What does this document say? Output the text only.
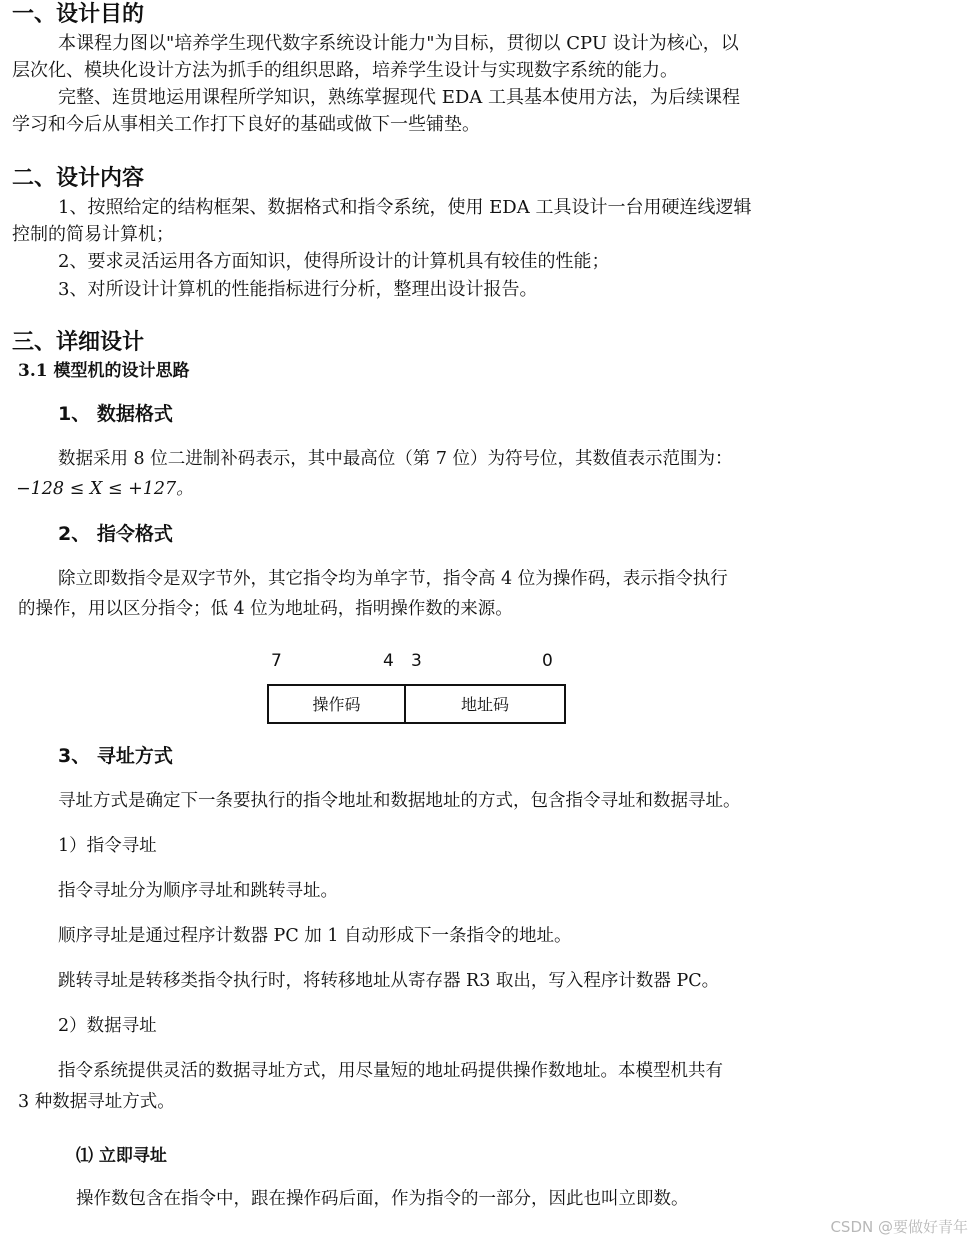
一、设计目的
本课程力图以"培养学生现代数字系统设计能力"为目标，贯彻以 CPU 设计为核心，以
层次化、模块化设计方法为抓手的组织思路，培养学生设计与实现数字系统的能力。
完整、连贯地运用课程所学知识，熟练掌握现代 EDA 工具基本使用方法，为后续课程
学习和今后从事相关工作打下良好的基础或做下一些铺垫。
二、设计内容
1、按照给定的结构框架、数据格式和指令系统，使用 EDA 工具设计一台用硬连线逻辑
控制的简易计算机；
2、要求灵活运用各方面知识，使得所设计的计算机具有较佳的性能；
3、对所设计计算机的性能指标进行分析，整理出设计报告。
三、详细设计
3.1 模型机的设计思路
1、 数据格式
数据采用 8 位二进制补码表示，其中最高位（第 7 位）为符号位，其数值表示范围为：
−128 ≤ X ≤ +127。
2、 指令格式
除立即数指令是双字节外，其它指令均为单字节，指令高 4 位为操作码，表示指令执行
的操作，用以区分指令；低 4 位为地址码，指明操作数的来源。
7	4 3	0
操作码	地址码
3、 寻址方式
寻址方式是确定下一条要执行的指令地址和数据地址的方式，包含指令寻址和数据寻址。
1）指令寻址
指令寻址分为顺序寻址和跳转寻址。
顺序寻址是通过程序计数器 PC 加 1 自动形成下一条指令的地址。
跳转寻址是转移类指令执行时，将转移地址从寄存器 R3 取出，写入程序计数器 PC。
2）数据寻址
指令系统提供灵活的数据寻址方式，用尽量短的地址码提供操作数地址。本模型机共有
3 种数据寻址方式。
⑴ 立即寻址
操作数包含在指令中，跟在操作码后面，作为指令的一部分，因此也叫立即数。
CSDN @要做好青年
